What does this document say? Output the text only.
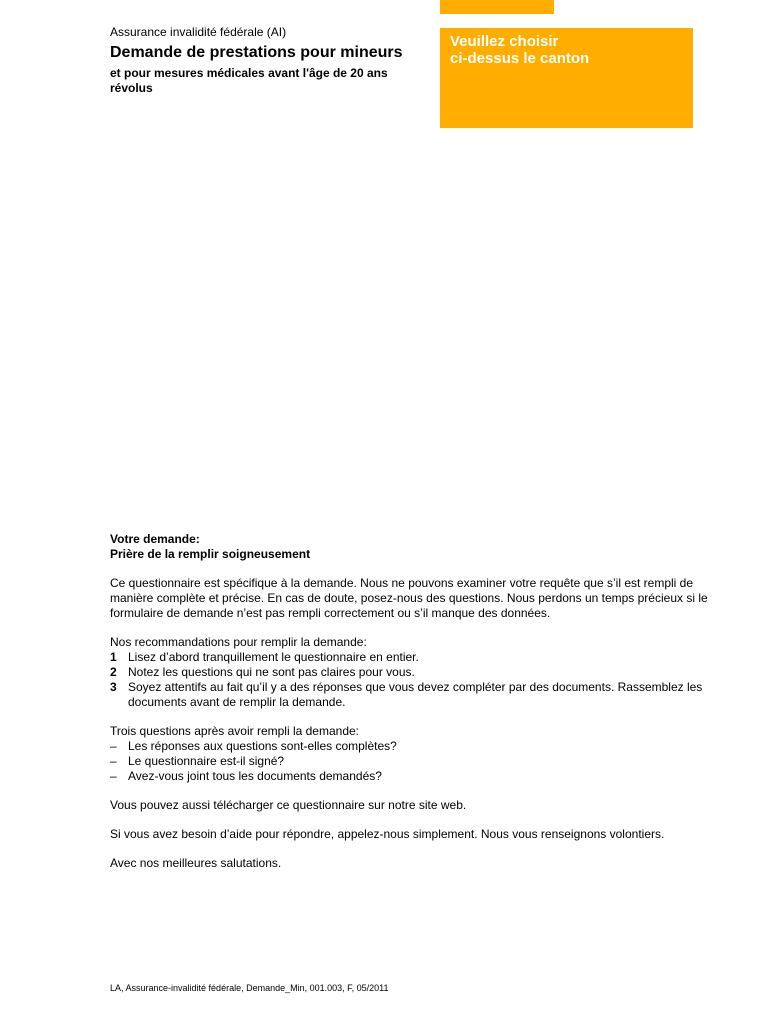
Assurance invalidité fédérale (AI)
Demande de prestations pour mineurs
et pour mesures médicales avant l'âge de 20 ans révolus
Veuillez choisir
ci-dessus le canton

Votre demande:

Prière de la remplir soigneusement

Ce questionnaire est spécifique à la demande. Nous ne pouvons examiner votre requête que s’il est rempli de manière complète et précise. En cas de doute, posez-nous des questions. Nous perdons un temps précieux si le formulaire de demande n’est pas rempli correctement ou s’il manque des données.

Nos recommandations pour remplir la demande:

1 Lisez d’abord tranquillement le questionnaire en entier.
2 Notez les questions qui ne sont pas claires pour vous.
3 Soyez attentifs au fait qu’il y a des réponses que vous devez compléter par des documents. Rassemblez les documents avant de remplir la demande.

Trois questions après avoir rempli la demande:

– Les réponses aux questions sont-elles complètes?
– Le questionnaire est-il signé?
– Avez-vous joint tous les documents demandés?

Vous pouvez aussi télécharger ce questionnaire sur notre site web.

Si vous avez besoin d’aide pour répondre, appelez-nous simplement. Nous vous renseignons volontiers.

Avec nos meilleures salutations.

LA, Assurance-invalidité fédérale, Demande_Min, 001.003, F, 05/2011
